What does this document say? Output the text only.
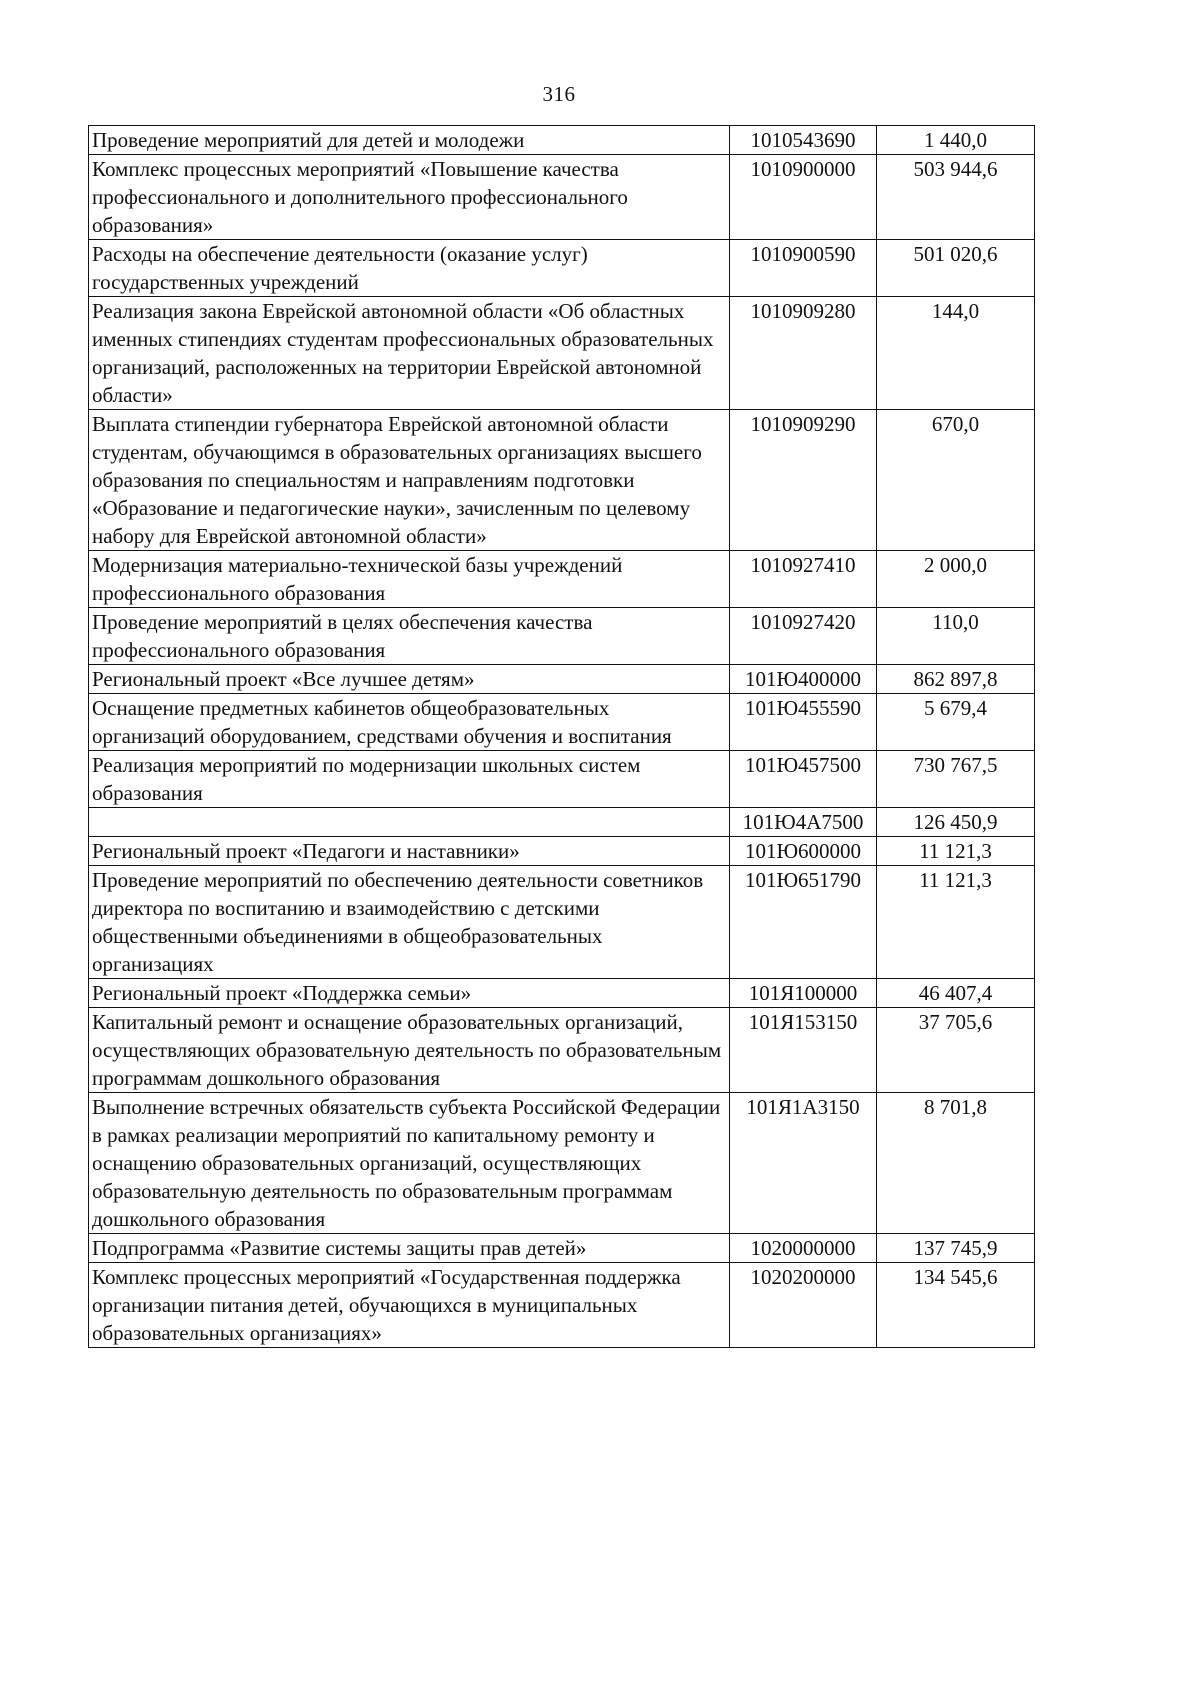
316
Проведение мероприятий для детей и молодежи	1010543690	1 440,0
Комплекс процессных мероприятий «Повышение качества профессионального и дополнительного профессионального образования»	1010900000	503 944,6
Расходы на обеспечение деятельности (оказание услуг) государственных учреждений	1010900590	501 020,6
Реализация закона Еврейской автономной области «Об областных именных стипендиях студентам профессиональных образовательных организаций, расположенных на территории Еврейской автономной области»	1010909280	144,0
Выплата стипендии губернатора Еврейской автономной области студентам, обучающимся в образовательных организациях высшего образования по специальностям и направлениям подготовки «Образование и педагогические науки», зачисленным по целевому набору для Еврейской автономной области»	1010909290	670,0
Модернизация материально-технической базы учреждений профессионального образования	1010927410	2 000,0
Проведение мероприятий в целях обеспечения качества профессионального образования	1010927420	110,0
Региональный проект «Все лучшее детям»	101Ю400000	862 897,8
Оснащение предметных кабинетов общеобразовательных организаций оборудованием, средствами обучения и воспитания	101Ю455590	5 679,4
Реализация мероприятий по модернизации школьных систем образования	101Ю457500	730 767,5
	101Ю4А7500	126 450,9
Региональный проект «Педагоги и наставники»	101Ю600000	11 121,3
Проведение мероприятий по обеспечению деятельности советников директора по воспитанию и взаимодействию с детскими общественными объединениями в общеобразовательных организациях	101Ю651790	11 121,3
Региональный проект «Поддержка семьи»	101Я100000	46 407,4
Капитальный ремонт и оснащение образовательных организаций, осуществляющих образовательную деятельность по образовательным программам дошкольного образования	101Я153150	37 705,6
Выполнение встречных обязательств субъекта Российской Федерации в рамках реализации мероприятий по капитальному ремонту и оснащению образовательных организаций, осуществляющих образовательную деятельность по образовательным программам дошкольного образования	101Я1А3150	8 701,8
Подпрограмма «Развитие системы защиты прав детей»	1020000000	137 745,9
Комплекс процессных мероприятий «Государственная поддержка организации питания детей, обучающихся в муниципальных образовательных организациях»	1020200000	134 545,6
